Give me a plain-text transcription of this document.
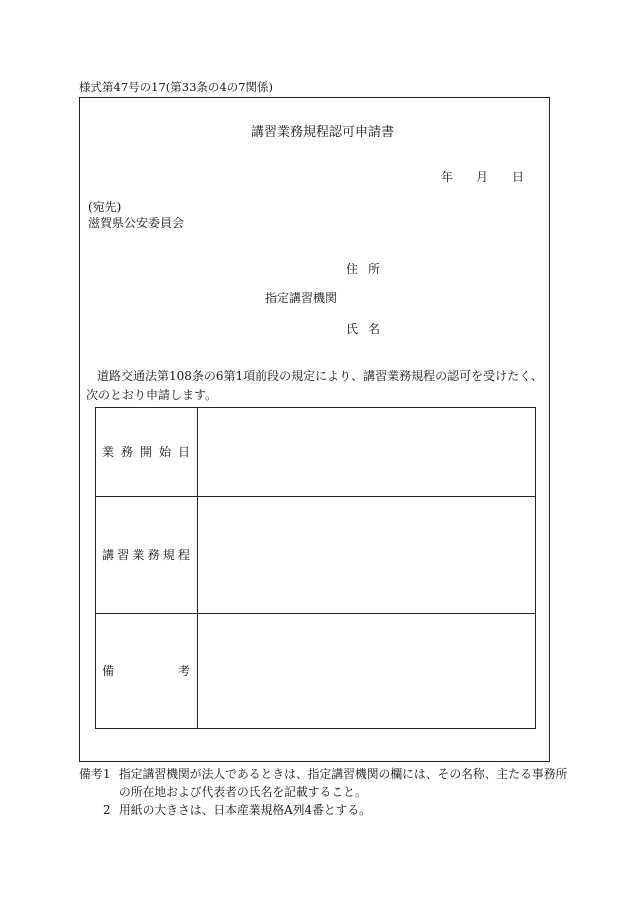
様式第47号の17(第33条の4の7関係)
講習業務規程認可申請書
年 月 日
(宛先)
滋賀県公安委員会
住 所
指定講習機関
氏 名
道路交通法第108条の6第1項前段の規定により、講習業務規程の認可を受けたく、次のとおり申請します。
業 務 開 始 日
講 習 業 務 規 程
備	考
備考 1 指定講習機関が法人であるときは、指定講習機関の欄には、その名称、主たる事務所の所在地および代表者の氏名を記載すること。
2 用紙の大きさは、日本産業規格A列4番とする。
